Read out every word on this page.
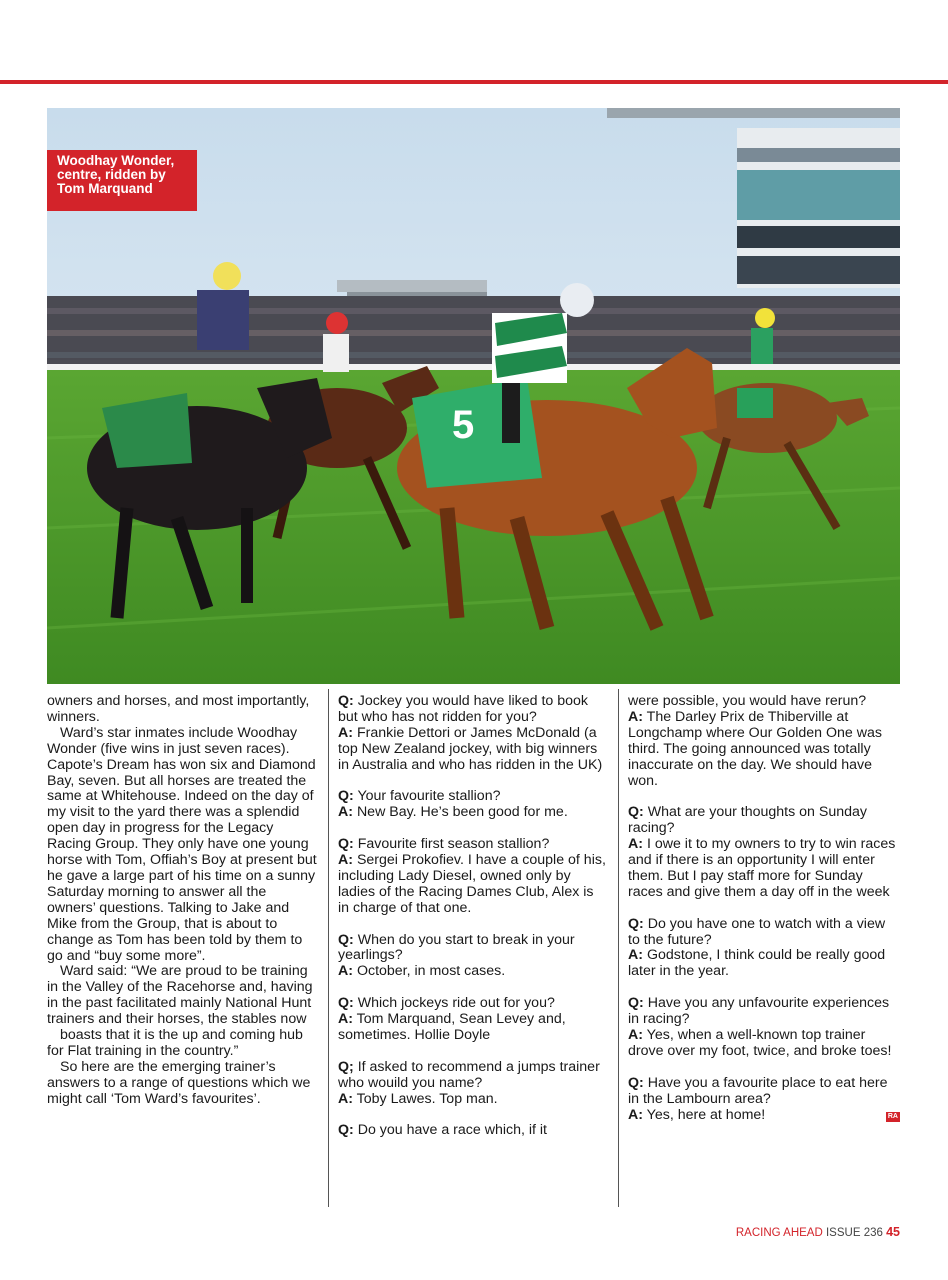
5
Woodhay Wonder,
centre, ridden by
Tom Marquand

owners and horses, and most importantly, winners.

Ward’s star inmates include Woodhay Wonder (five wins in just seven races). Capote’s Dream has won six and Diamond Bay, seven. But all horses are treated the same at Whitehouse. Indeed on the day of my visit to the yard there was a splendid open day in progress for the Legacy Racing Group. They only have one young horse with Tom, Offiah’s Boy at present but he gave a large part of his time on a sunny Saturday morning to answer all the owners’ questions. Talking to Jake and Mike from the Group, that is about to change as Tom has been told by them to go and “buy some more”.

Ward said: “We are proud to be training in the Valley of the Racehorse and, having in the past facilitated mainly National Hunt trainers and their horses, the stables now

boasts that it is the up and coming hub for Flat training in the country.”

So here are the emerging trainer’s answers to a range of questions which we might call ‘Tom Ward’s favourites’.

Q: Jockey you would have liked to book but who has not ridden for you?

A: Frankie Dettori or James McDonald (a top New Zealand jockey, with big winners in Australia and who has ridden in the UK)

Q: Your favourite stallion?

A: New Bay. He’s been good for me.

Q: Favourite first season stallion?

A: Sergei Prokofiev. I have a couple of his, including Lady Diesel, owned only by ladies of the Racing Dames Club, Alex is in charge of that one.

Q: When do you start to break in your yearlings?

A: October, in most cases.

Q: Which jockeys ride out for you?

A: Tom Marquand, Sean Levey and, sometimes. Hollie Doyle

Q; If asked to recommend a jumps trainer who wouild you name?

A: Toby Lawes. Top man.

Q: Do you have a race which, if it

were possible, you would have rerun?

A: The Darley Prix de Thiberville at Longchamp where Our Golden One was third. The going announced was totally inaccurate on the day. We should have won.

Q: What are your thoughts on Sunday racing?

A: I owe it to my owners to try to win races and if there is an opportunity I will enter them. But I pay staff more for Sunday races and give them a day off in the week

Q: Do you have one to watch with a view to the future?

A: Godstone, I think could be really good later in the year.

Q: Have you any unfavourite experiences in racing?

A: Yes, when a well-known top trainer drove over my foot, twice, and broke toes!

Q: Have you a favourite place to eat here in the Lambourn area?

A: Yes, here at home!	RA

RACING AHEAD ISSUE 236 45
